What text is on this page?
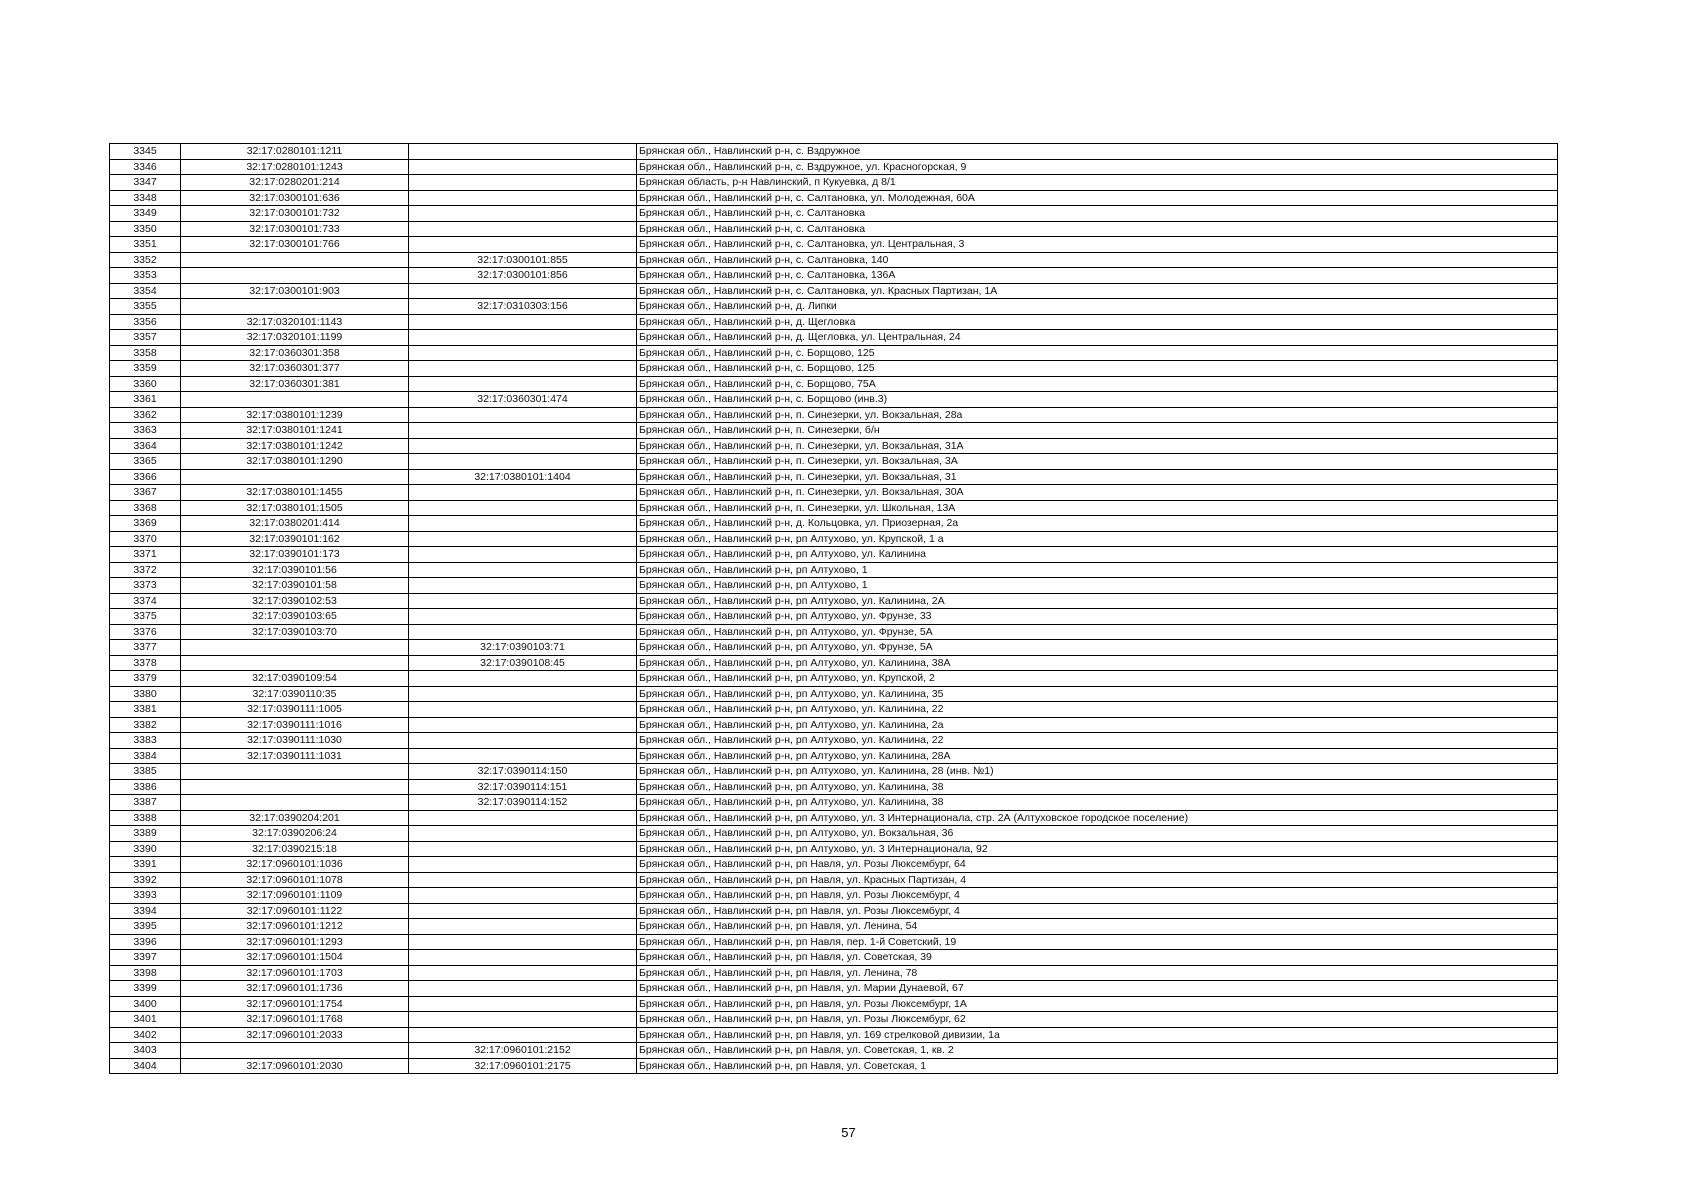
3345	32:17:0280101:1211		Брянская обл., Навлинский р-н, с. Вздружное
3346	32:17:0280101:1243		Брянская обл., Навлинский р-н, с. Вздружное, ул. Красногорская, 9
3347	32:17:0280201:214		Брянская область, р-н Навлинский, п Кукуевка, д 8/1
3348	32:17:0300101:636		Брянская обл., Навлинский р-н, с. Салтановка, ул. Молодежная, 60А
3349	32:17:0300101:732		Брянская обл., Навлинский р-н, с. Салтановка
3350	32:17:0300101:733		Брянская обл., Навлинский р-н, с. Салтановка
3351	32:17:0300101:766		Брянская обл., Навлинский р-н, с. Салтановка, ул. Центральная, 3
3352		32:17:0300101:855	Брянская обл., Навлинский р-н, с. Салтановка, 140
3353		32:17:0300101:856	Брянская обл., Навлинский р-н, с. Салтановка, 136А
3354	32:17:0300101:903		Брянская обл., Навлинский р-н, с. Салтановка, ул. Красных Партизан, 1А
3355		32:17:0310303:156	Брянская обл., Навлинский р-н, д. Липки
3356	32:17:0320101:1143		Брянская обл., Навлинский р-н, д. Щегловка
3357	32:17:0320101:1199		Брянская обл., Навлинский р-н, д. Щегловка, ул. Центральная, 24
3358	32:17:0360301:358		Брянская обл., Навлинский р-н, с. Борщово, 125
3359	32:17:0360301:377		Брянская обл., Навлинский р-н, с. Борщово, 125
3360	32:17:0360301:381		Брянская обл., Навлинский р-н, с. Борщово, 75А
3361		32:17:0360301:474	Брянская обл., Навлинский р-н, с. Борщово (инв.3)
3362	32:17:0380101:1239		Брянская обл., Навлинский р-н, п. Синезерки, ул. Вокзальная, 28а
3363	32:17:0380101:1241		Брянская обл., Навлинский р-н, п. Синезерки, б/н
3364	32:17:0380101:1242		Брянская обл., Навлинский р-н, п. Синезерки, ул. Вокзальная, 31А
3365	32:17:0380101:1290		Брянская обл., Навлинский р-н, п. Синезерки, ул. Вокзальная, 3А
3366		32:17:0380101:1404	Брянская обл., Навлинский р-н, п. Синезерки, ул. Вокзальная, 31
3367	32:17:0380101:1455		Брянская обл., Навлинский р-н, п. Синезерки, ул. Вокзальная, 30А
3368	32:17:0380101:1505		Брянская обл., Навлинский р-н, п. Синезерки, ул. Школьная, 13А
3369	32:17:0380201:414		Брянская обл., Навлинский р-н, д. Кольцовка, ул. Приозерная, 2а
3370	32:17:0390101:162		Брянская обл., Навлинский р-н, рп Алтухово, ул. Крупской, 1 а
3371	32:17:0390101:173		Брянская обл., Навлинский р-н, рп Алтухово, ул. Калинина
3372	32:17:0390101:56		Брянская обл., Навлинский р-н, рп Алтухово, 1
3373	32:17:0390101:58		Брянская обл., Навлинский р-н, рп Алтухово, 1
3374	32:17:0390102:53		Брянская обл., Навлинский р-н, рп Алтухово, ул. Калинина, 2А
3375	32:17:0390103:65		Брянская обл., Навлинский р-н, рп Алтухово, ул. Фрунзе, 33
3376	32:17:0390103:70		Брянская обл., Навлинский р-н, рп Алтухово, ул. Фрунзе, 5А
3377		32:17:0390103:71	Брянская обл., Навлинский р-н, рп Алтухово, ул. Фрунзе, 5А
3378		32:17:0390108:45	Брянская обл., Навлинский р-н, рп Алтухово, ул. Калинина, 38А
3379	32:17:0390109:54		Брянская обл., Навлинский р-н, рп Алтухово, ул. Крупской, 2
3380	32:17:0390110:35		Брянская обл., Навлинский р-н, рп Алтухово, ул. Калинина, 35
3381	32:17:0390111:1005		Брянская обл., Навлинский р-н, рп Алтухово, ул. Калинина, 22
3382	32:17:0390111:1016		Брянская обл., Навлинский р-н, рп Алтухово, ул. Калинина, 2а
3383	32:17:0390111:1030		Брянская обл., Навлинский р-н, рп Алтухово, ул. Калинина, 22
3384	32:17:0390111:1031		Брянская обл., Навлинский р-н, рп Алтухово, ул. Калинина, 28А
3385		32:17:0390114:150	Брянская обл., Навлинский р-н, рп Алтухово, ул. Калинина, 28 (инв. №1)
3386		32:17:0390114:151	Брянская обл., Навлинский р-н, рп Алтухово, ул. Калинина, 38
3387		32:17:0390114:152	Брянская обл., Навлинский р-н, рп Алтухово, ул. Калинина, 38
3388	32:17:0390204:201		Брянская обл., Навлинский р-н, рп Алтухово, ул. 3 Интернационала, стр. 2А (Алтуховское городское поселение)
3389	32:17:0390206:24		Брянская обл., Навлинский р-н, рп Алтухово, ул. Вокзальная, 36
3390	32:17:0390215:18		Брянская обл., Навлинский р-н, рп Алтухово, ул. 3 Интернационала, 92
3391	32:17:0960101:1036		Брянская обл., Навлинский р-н, рп Навля, ул. Розы Люксембург, 64
3392	32:17:0960101:1078		Брянская обл., Навлинский р-н, рп Навля, ул. Красных Партизан, 4
3393	32:17:0960101:1109		Брянская обл., Навлинский р-н, рп Навля, ул. Розы Люксембург, 4
3394	32:17:0960101:1122		Брянская обл., Навлинский р-н, рп Навля, ул. Розы Люксембург, 4
3395	32:17:0960101:1212		Брянская обл., Навлинский р-н, рп Навля, ул. Ленина, 54
3396	32:17:0960101:1293		Брянская обл., Навлинский р-н, рп Навля, пер. 1-й Советский, 19
3397	32:17:0960101:1504		Брянская обл., Навлинский р-н, рп Навля, ул. Советская, 39
3398	32:17:0960101:1703		Брянская обл., Навлинский р-н, рп Навля, ул. Ленина, 78
3399	32:17:0960101:1736		Брянская обл., Навлинский р-н, рп Навля, ул. Марии Дунаевой, 67
3400	32:17:0960101:1754		Брянская обл., Навлинский р-н, рп Навля, ул. Розы Люксембург, 1А
3401	32:17:0960101:1768		Брянская обл., Навлинский р-н, рп Навля, ул. Розы Люксембург, 62
3402	32:17:0960101:2033		Брянская обл., Навлинский р-н, рп Навля, ул. 169 стрелковой дивизии, 1а
3403		32:17:0960101:2152	Брянская обл., Навлинский р-н, рп Навля, ул. Советская, 1, кв. 2
3404	32:17:0960101:2030	32:17:0960101:2175	Брянская обл., Навлинский р-н, рп Навля, ул. Советская, 1
57
